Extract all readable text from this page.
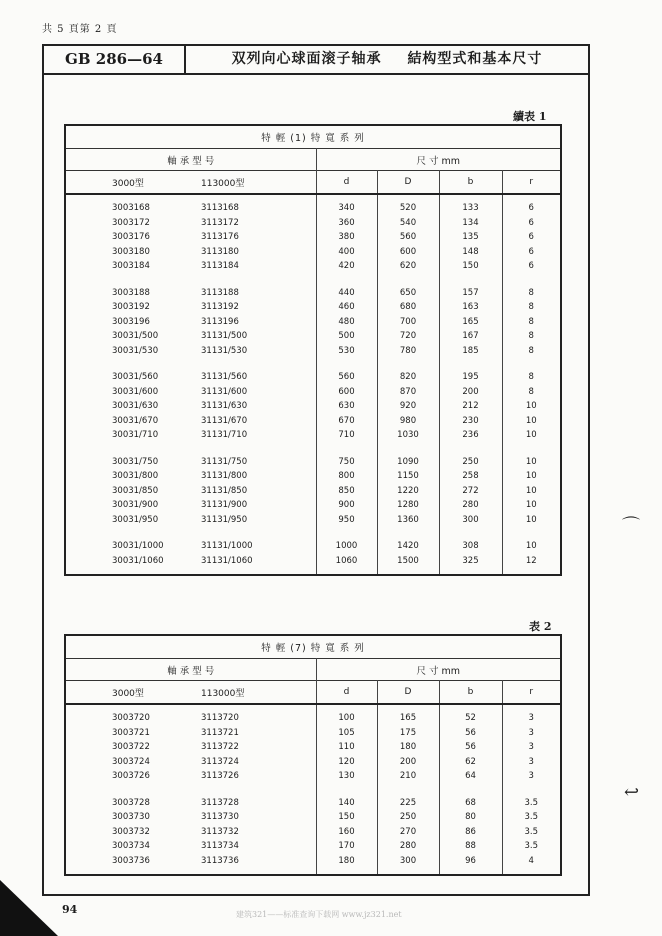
共 5 頁第 2 頁
GB 286—64	双列向心球面滚子轴承 結构型式和基本尺寸
續表 1
特 輕 (1) 特 寬 系 列					
軸 承 型 号		尺 寸 mm			
3000型	113000型	d	D	b	r

3003168	3113168	340	520	133	6
3003172	3113172	360	540	134	6
3003176	3113176	380	560	135	6
3003180	3113180	400	600	148	6
3003184	3113184	420	620	150	6

3003188	3113188	440	650	157	8
3003192	3113192	460	680	163	8
3003196	3113196	480	700	165	8
30031/500	31131/500	500	720	167	8
30031/530	31131/530	530	780	185	8

30031/560	31131/560	560	820	195	8
30031/600	31131/600	600	870	200	8
30031/630	31131/630	630	920	212	10
30031/670	31131/670	670	980	230	10
30031/710	31131/710	710	1030	236	10

30031/750	31131/750	750	1090	250	10
30031/800	31131/800	800	1150	258	10
30031/850	31131/850	850	1220	272	10
30031/900	31131/900	900	1280	280	10
30031/950	31131/950	950	1360	300	10

30031/1000	31131/1000	1000	1420	308	10
30031/1060	31131/1060	1060	1500	325	12

表 2
特 輕 (7) 特 寬 系 列					
軸 承 型 号		尺 寸 mm			
3000型	113000型	d	D	b	r

3003720	3113720	100	165	52	3
3003721	3113721	105	175	56	3
3003722	3113722	110	180	56	3
3003724	3113724	120	200	62	3
3003726	3113726	130	210	64	3

3003728	3113728	140	225	68	3.5
3003730	3113730	150	250	80	3.5
3003732	3113732	160	270	86	3.5
3003734	3113734	170	280	88	3.5
3003736	3113736	180	300	96	4

94	建筑321——标准查询下载网 www.jz321.net
⌒
↩
